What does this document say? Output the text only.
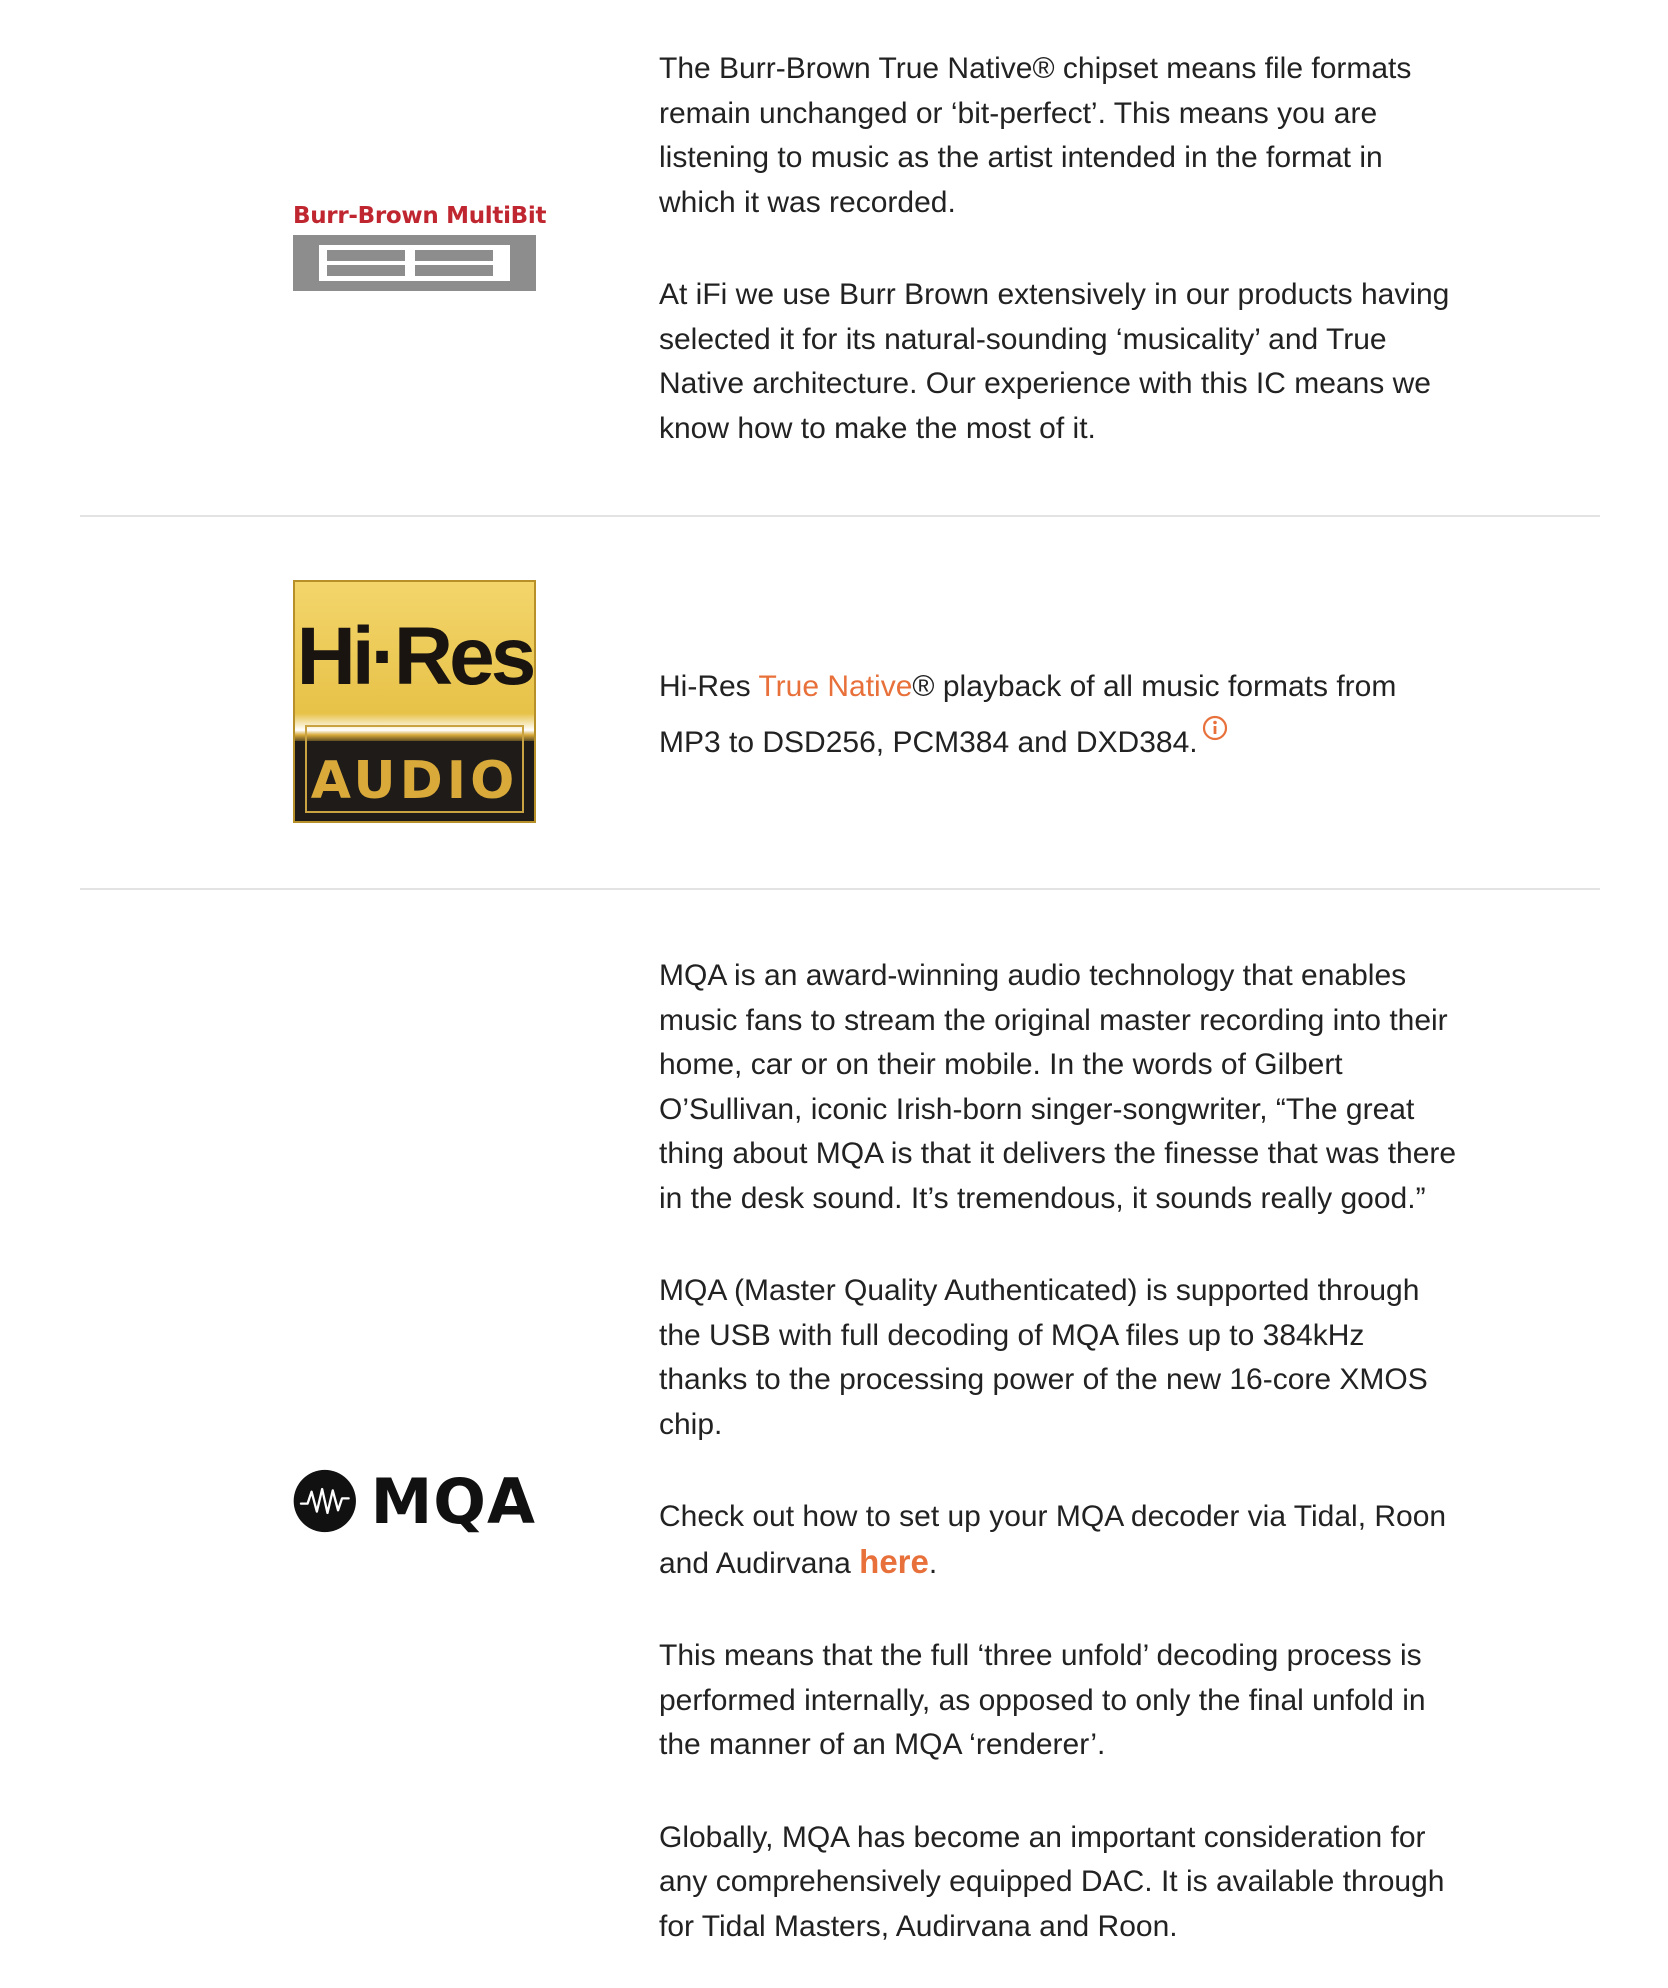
Burr-Brown MultiBit

The Burr-Brown True Native® chipset means file formats remain unchanged or ‘bit-perfect’. This means you are listening to music as the artist intended in the format in which it was recorded.

At iFi we use Burr Brown extensively in our products having selected it for its natural-sounding ‘musicality’ and True Native architecture. Our experience with this IC means we know how to make the most of it.

Hi·Res
AUDIO

Hi-Res True Native® playback of all music formats from MP3 to DSD256, PCM384 and DXD384.

MQA

MQA is an award-winning audio technology that enables music fans to stream the original master recording into their home, car or on their mobile. In the words of Gilbert O’Sullivan, iconic Irish-born singer-songwriter, “The great thing about MQA is that it delivers the finesse that was there in the desk sound. It’s tremendous, it sounds really good.”

MQA (Master Quality Authenticated) is supported through the USB with full decoding of MQA files up to 384kHz thanks to the processing power of the new 16-core XMOS chip.

Check out how to set up your MQA decoder via Tidal, Roon and Audirvana here.

This means that the full ‘three unfold’ decoding process is performed internally, as opposed to only the final unfold in the manner of an MQA ‘renderer’.

Globally, MQA has become an important consideration for any comprehensively equipped DAC. It is available through for Tidal Masters, Audirvana and Roon.
